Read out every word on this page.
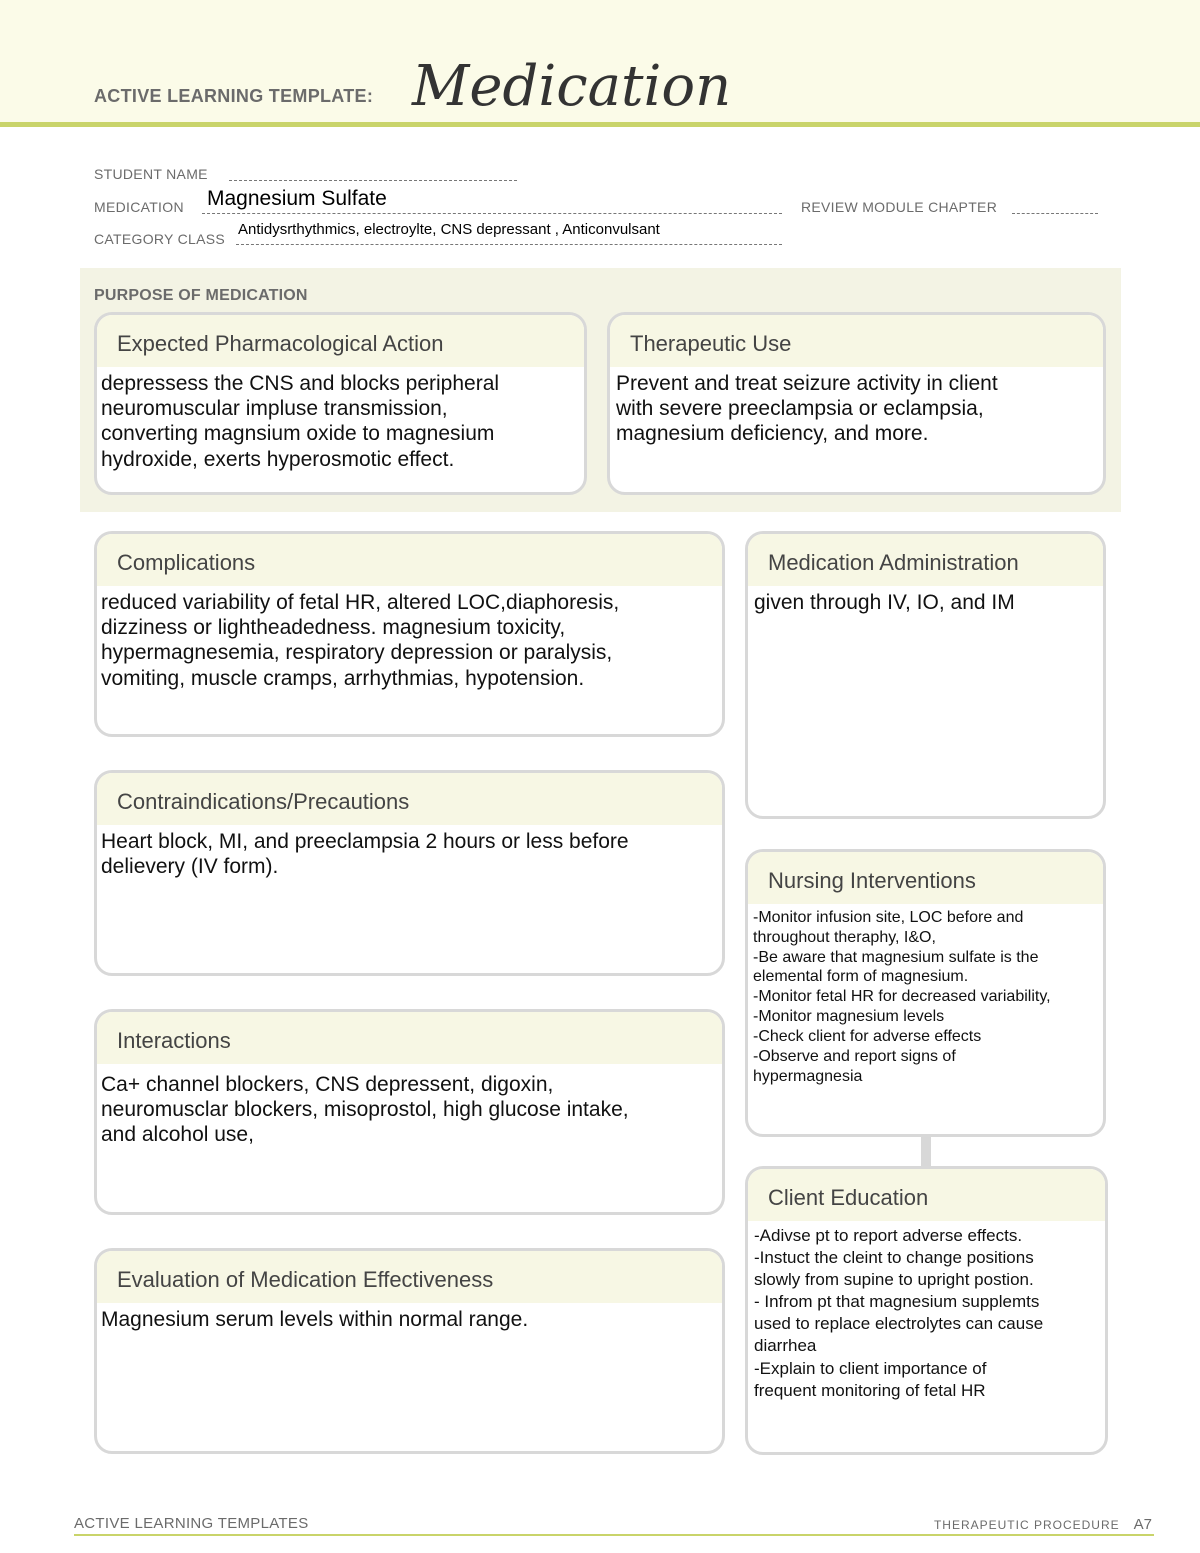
ACTIVE LEARNING TEMPLATE: Medication
STUDENT NAME
MEDICATION Magnesium Sulfate	REVIEW MODULE CHAPTER
CATEGORY CLASS
Antidysrthythmics, electroylte, CNS depressant , Anticonvulsant
PURPOSE OF MEDICATION
Expected Pharmacological Action
depressess the CNS and blocks peripheral
neuromuscular impluse transmission,
converting magnsium oxide to magnesium
hydroxide, exerts hyperosmotic effect.
Therapeutic Use
Prevent and treat seizure activity in client
with severe preeclampsia or eclampsia,
magnesium deficiency, and more.
Complications
reduced variability of fetal HR, altered LOC,diaphoresis,
dizziness or lightheadedness. magnesium toxicity,
hypermagnesemia, respiratory depression or paralysis,
vomiting, muscle cramps, arrhythmias, hypotension.
Contraindications/Precautions
Heart block, MI, and preeclampsia 2 hours or less before
delievery (IV form).
Interactions
Ca+ channel blockers, CNS depressent, digoxin,
neuromusclar blockers, misoprostol, high glucose intake,
and alcohol use,
Evaluation of Medication Effectiveness
Magnesium serum levels within normal range.
Medication Administration
given through IV, IO, and IM
Nursing Interventions
-Monitor infusion site, LOC before and
throughout theraphy, I&O,
-Be aware that magnesium sulfate is the
elemental form of magnesium.
-Monitor fetal HR for decreased variability,
-Monitor magnesium levels
-Check client for adverse effects
-Observe and report signs of
hypermagnesia
Client Education
-Adivse pt to report adverse effects.
-Instuct the cleint to change positions
slowly from supine to upright postion.
- Infrom pt that magnesium supplemts
used to replace electrolytes can cause
diarrhea
-Explain to client importance of
frequent monitoring of fetal HR
ACTIVE LEARNING TEMPLATES	THERAPEUTIC PROCEDURE A7
